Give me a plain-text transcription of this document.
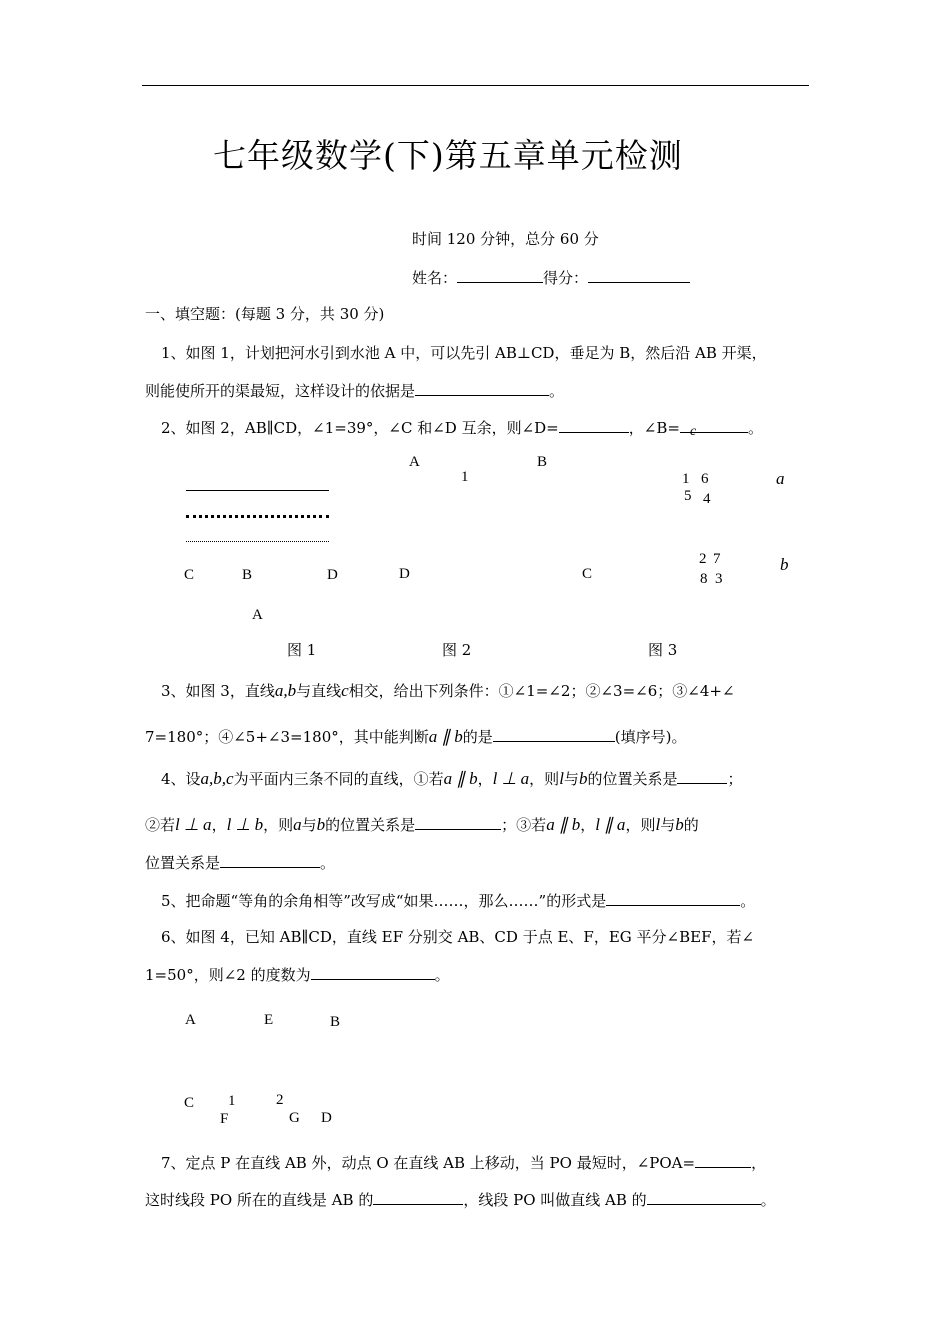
七年级数学(下)第五章单元检测
时间 120 分钟，总分 60 分
姓名：	得分：
一、填空题：(每题 3 分，共 30 分)
1、如图 1，计划把河水引到水池 A 中，可以先引 AB⊥CD，垂足为 B，然后沿 AB 开渠，
则能使所开的渠最短，这样设计的依据是	。
2、如图 2，AB∥CD，∠1=39°，∠C 和∠D 互余，则∠D=	，∠B=	。
c
C	B	D
A
图 1
A
1
B
D	C
图 2
1 6
5 4
a
2 7
8 3
b
图 3
3、如图 3，直线a,b与直线c相交，给出下列条件：①∠1=∠2；②∠3=∠6；③∠4+∠
7=180°；④∠5+∠3=180°，其中能判断a ∥ b的是	(填序号)。
4、设a,b,c为平面内三条不同的直线，①若a ∥ b，l ⊥ a，则l与b的位置关系是	；
②若l ⊥ a，l ⊥ b，则a与b的位置关系是	；③若a ∥ b，l ∥ a，则l与b的
位置关系是	。
5、把命题“等角的余角相等”改写成“如果……，那么……”的形式是	。
6、如图 4，已知 AB∥CD，直线 EF 分别交 AB、CD 于点 E、F，EG 平分∠BEF，若∠
1=50°，则∠2 的度数为	。
A	E	B
C 1	2
F	G D
7、定点 P 在直线 AB 外，动点 O 在直线 AB 上移动，当 PO 最短时，∠POA=	，
这时线段 PO 所在的直线是 AB 的	，线段 PO 叫做直线 AB 的	。
